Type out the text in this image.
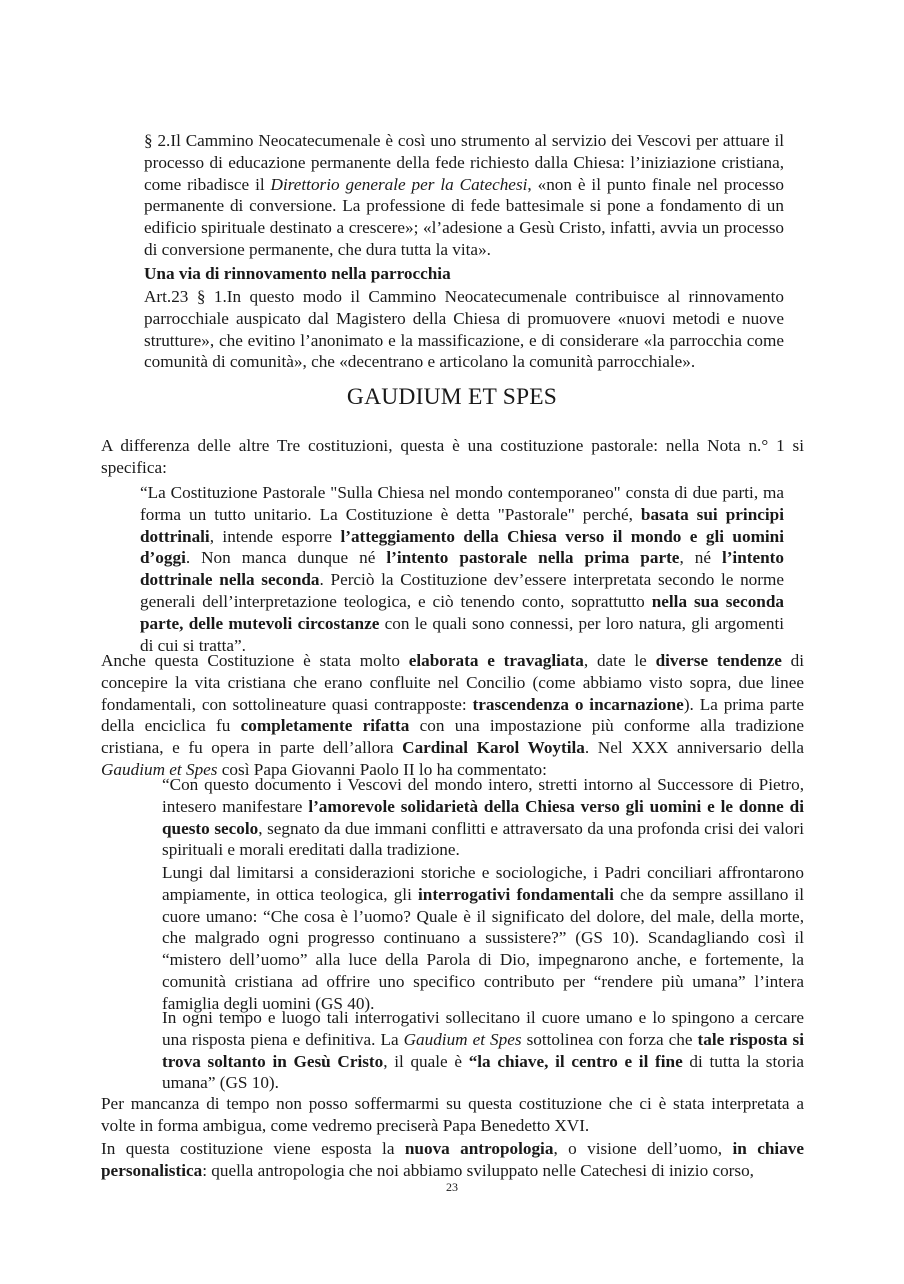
§ 2.Il Cammino Neocatecumenale è così uno strumento al servizio dei Vescovi per attuare il processo di educazione permanente della fede richiesto dalla Chiesa: l’iniziazione cristiana, come ribadisce il Direttorio generale per la Catechesi, «non è il punto finale nel processo permanente di conversione. La professione di fede battesimale si pone a fondamento di un edificio spirituale destinato a crescere»; «l’adesione a Gesù Cristo, infatti, avvia un processo di conversione permanente, che dura tutta la vita».

Una via di rinnovamento nella parrocchia

Art.23 § 1.In questo modo il Cammino Neocatecumenale contribuisce al rinnovamento parrocchiale auspicato dal Magistero della Chiesa di promuovere «nuovi metodi e nuove strutture», che evitino l’anonimato e la massificazione, e di considerare «la parrocchia come comunità di comunità», che «decentrano e articolano la comunità parrocchiale».

GAUDIUM ET SPES

A differenza delle altre Tre costituzioni, questa è una costituzione pastorale: nella Nota n.° 1 si specifica:

“La Costituzione Pastorale "Sulla Chiesa nel mondo contemporaneo" consta di due parti, ma forma un tutto unitario. La Costituzione è detta "Pastorale" perché, basata sui principi dottrinali, intende esporre l’atteggiamento della Chiesa verso il mondo e gli uomini d’oggi. Non manca dunque né l’intento pastorale nella prima parte, né l’intento dottrinale nella seconda. Perciò la Costituzione dev’essere interpretata secondo le norme generali dell’interpretazione teologica, e ciò tenendo conto, soprattutto nella sua seconda parte, delle mutevoli circostanze con le quali sono connessi, per loro natura, gli argomenti di cui si tratta”.

Anche questa Costituzione è stata molto elaborata e travagliata, date le diverse tendenze di concepire la vita cristiana che erano confluite nel Concilio (come abbiamo visto sopra, due linee fondamentali, con sottolineature quasi contrapposte: trascendenza o incarnazione). La prima parte della enciclica fu completamente rifatta con una impostazione più conforme alla tradizione cristiana, e fu opera in parte dell’allora Cardinal Karol Woytila. Nel XXX anniversario della Gaudium et Spes così Papa Giovanni Paolo II lo ha commentato:

“Con questo documento i Vescovi del mondo intero, stretti intorno al Successore di Pietro, intesero manifestare l’amorevole solidarietà della Chiesa verso gli uomini e le donne di questo secolo, segnato da due immani conflitti e attraversato da una profonda crisi dei valori spirituali e morali ereditati dalla tradizione.

Lungi dal limitarsi a considerazioni storiche e sociologiche, i Padri conciliari affrontarono ampiamente, in ottica teologica, gli interrogativi fondamentali che da sempre assillano il cuore umano: “Che cosa è l’uomo? Quale è il significato del dolore, del male, della morte, che malgrado ogni progresso continuano a sussistere?” (GS 10). Scandagliando così il “mistero dell’uomo” alla luce della Parola di Dio, impegnarono anche, e fortemente, la comunità cristiana ad offrire uno specifico contributo per “rendere più umana” l’intera famiglia degli uomini (GS 40).

In ogni tempo e luogo tali interrogativi sollecitano il cuore umano e lo spingono a cercare una risposta piena e definitiva. La Gaudium et Spes sottolinea con forza che tale risposta si trova soltanto in Gesù Cristo, il quale è “la chiave, il centro e il fine di tutta la storia umana” (GS 10).

Per mancanza di tempo non posso soffermarmi su questa costituzione che ci è stata interpretata a volte in forma ambigua, come vedremo preciserà Papa Benedetto XVI.

In questa costituzione viene esposta la nuova antropologia, o visione dell’uomo, in chiave personalistica: quella antropologia che noi abbiamo sviluppato nelle Catechesi di inizio corso,

23
